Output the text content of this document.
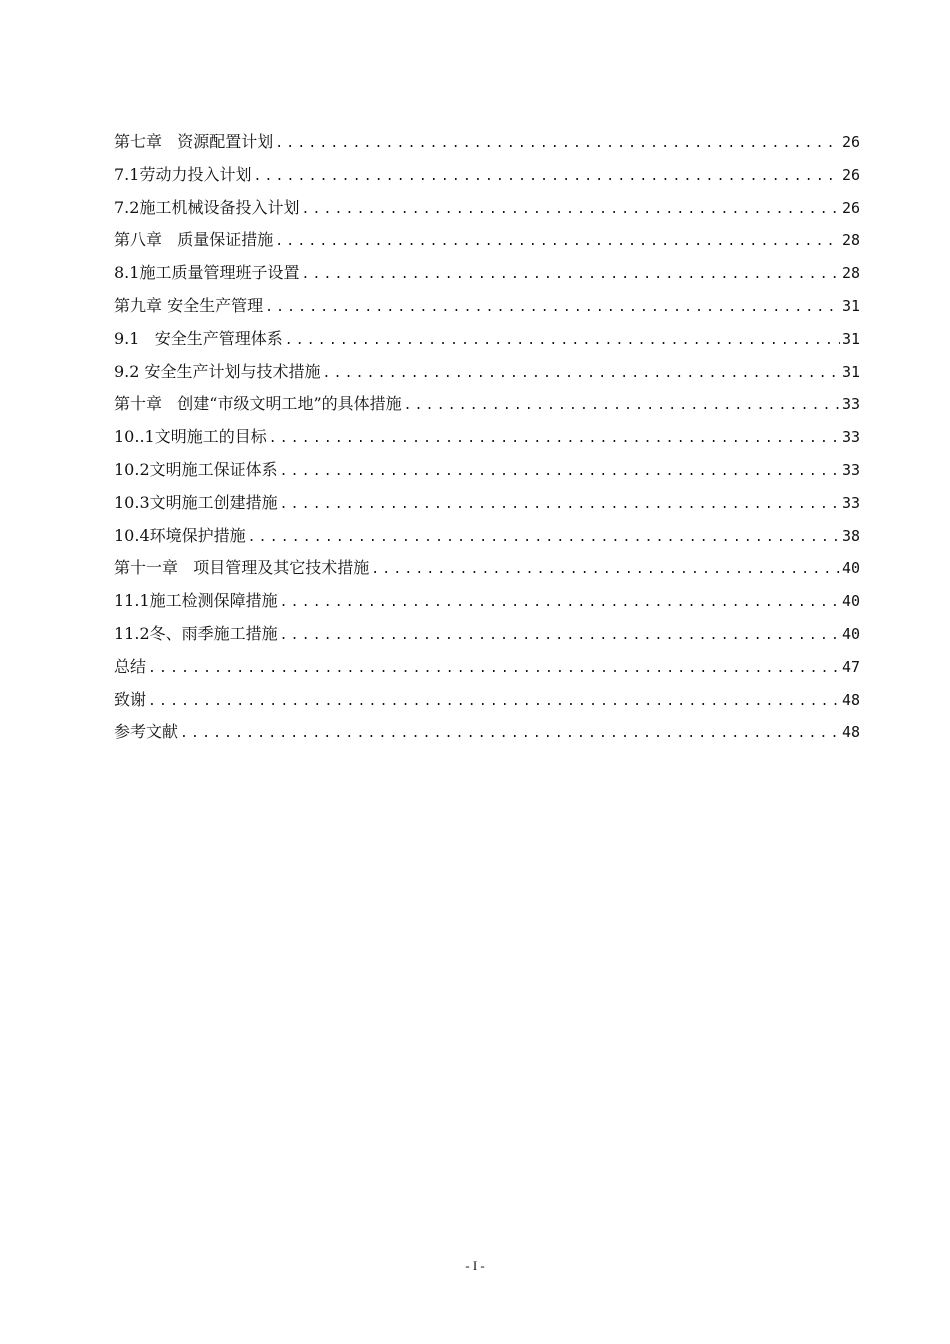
第七章   资源配置计划 .....	26
7.1劳动力投入计划 .....	26
7.2施工机械设备投入计划 .....	26
第八章   质量保证措施 .....	28
8.1施工质量管理班子设置 .....	28
第九章 安全生产管理 .....	31
9.1   安全生产管理体系 .....	31
9.2 安全生产计划与技术措施 .....	31
第十章   创建“市级文明工地”的具体措施 .....	33
10..1文明施工的目标 .....	33
10.2文明施工保证体系 .....	33
10.3文明施工创建措施 .....	33
10.4环境保护措施 .....	38
第十一章   项目管理及其它技术措施 .....	40
11.1施工检测保障措施 .....	40
11.2冬、雨季施工措施 .....	40
总结 .....	47
致谢 .....	48
参考文献 .....	48
- I -
